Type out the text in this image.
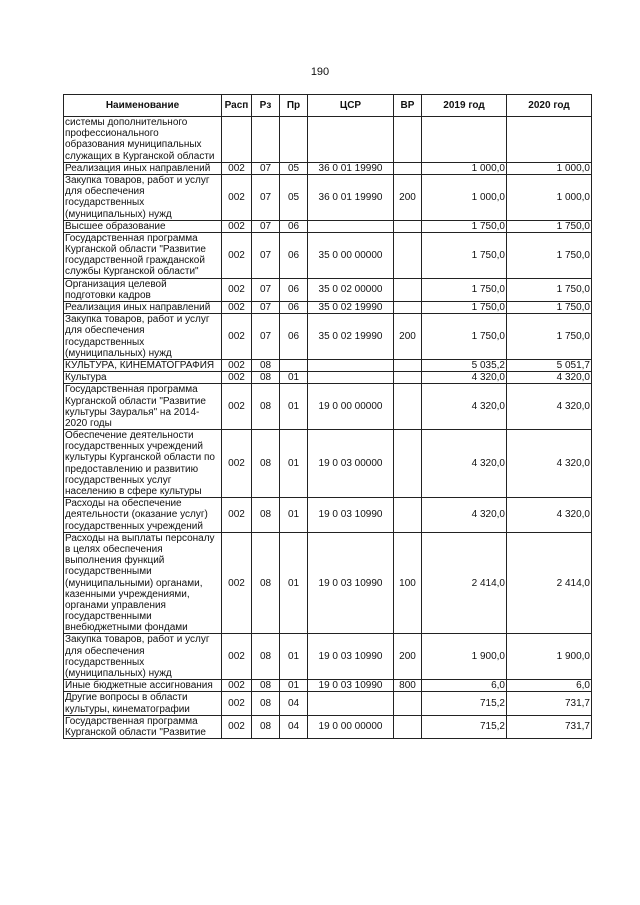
190
Наименование	Расп	Рз	Пр	ЦСР	ВР	2019 год	2020 год
системы дополнительного профессионального образования муниципальных служащих в Курганской области							
Реализация иных направлений	002	07	05	36 0 01 19990		1 000,0	1 000,0
Закупка товаров, работ и услуг для обеспечения государственных (муниципальных) нужд	002	07	05	36 0 01 19990	200	1 000,0	1 000,0
Высшее образование	002	07	06			1 750,0	1 750,0
Государственная программа Курганской области "Развитие государственной гражданской службы Курганской области"	002	07	06	35 0 00 00000		1 750,0	1 750,0
Организация целевой подготовки кадров	002	07	06	35 0 02 00000		1 750,0	1 750,0
Реализация иных направлений	002	07	06	35 0 02 19990		1 750,0	1 750,0
Закупка товаров, работ и услуг для обеспечения государственных (муниципальных) нужд	002	07	06	35 0 02 19990	200	1 750,0	1 750,0
КУЛЬТУРА, КИНЕМАТОГРАФИЯ	002	08				5 035,2	5 051,7
Культура	002	08	01			4 320,0	4 320,0
Государственная программа Курганской области "Развитие культуры Зауралья" на 2014-2020 годы	002	08	01	19 0 00 00000		4 320,0	4 320,0
Обеспечение деятельности государственных учреждений культуры Курганской области по предоставлению и развитию государственных услуг населению в сфере культуры	002	08	01	19 0 03 00000		4 320,0	4 320,0
Расходы на обеспечение деятельности (оказание услуг) государственных учреждений	002	08	01	19 0 03 10990		4 320,0	4 320,0
Расходы на выплаты персоналу в целях обеспечения выполнения функций государственными (муниципальными) органами, казенными учреждениями, органами управления государственными внебюджетными фондами	002	08	01	19 0 03 10990	100	2 414,0	2 414,0
Закупка товаров, работ и услуг для обеспечения государственных (муниципальных) нужд	002	08	01	19 0 03 10990	200	1 900,0	1 900,0
Иные бюджетные ассигнования	002	08	01	19 0 03 10990	800	6,0	6,0
Другие вопросы в области культуры, кинематографии	002	08	04			715,2	731,7
Государственная программа Курганской области "Развитие	002	08	04	19 0 00 00000		715,2	731,7
